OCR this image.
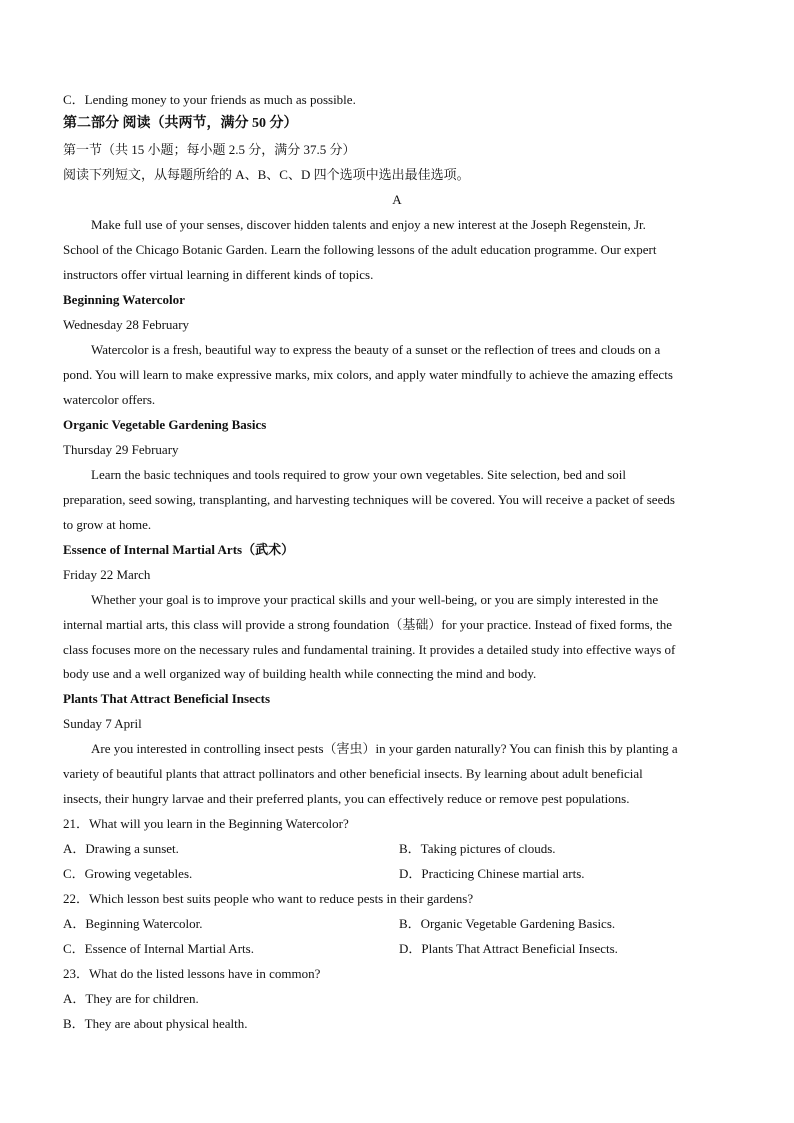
C．Lending money to your friends as much as possible.
第二部分 阅读（共两节，满分 50 分）
第一节（共 15 小题；每小题 2.5 分，满分 37.5 分）
阅读下列短文，从每题所给的 A、B、C、D 四个选项中选出最佳选项。
A
Make full use of your senses, discover hidden talents and enjoy a new interest at the Joseph Regenstein, Jr.
School of the Chicago Botanic Garden. Learn the following lessons of the adult education programme. Our expert
instructors offer virtual learning in different kinds of topics.
Beginning Watercolor
Wednesday 28 February
Watercolor is a fresh, beautiful way to express the beauty of a sunset or the reflection of trees and clouds on a
pond. You will learn to make expressive marks, mix colors, and apply water mindfully to achieve the amazing effects
watercolor offers.
Organic Vegetable Gardening Basics
Thursday 29 February
Learn the basic techniques and tools required to grow your own vegetables. Site selection, bed and soil
preparation, seed sowing, transplanting, and harvesting techniques will be covered. You will receive a packet of seeds
to grow at home.
Essence of Internal Martial Arts（武术）
Friday 22 March
Whether your goal is to improve your practical skills and your well-being, or you are simply interested in the
internal martial arts, this class will provide a strong foundation（基础）for your practice. Instead of fixed forms, the
class focuses more on the necessary rules and fundamental training. It provides a detailed study into effective ways of
body use and a well organized way of building health while connecting the mind and body.
Plants That Attract Beneficial Insects
Sunday 7 April
Are you interested in controlling insect pests（害虫）in your garden naturally? You can finish this by planting a
variety of beautiful plants that attract pollinators and other beneficial insects. By learning about adult beneficial
insects, their hungry larvae and their preferred plants, you can effectively reduce or remove pest populations.
21．What will you learn in the Beginning Watercolor?
A．Drawing a sunset.	B．Taking pictures of clouds.
C．Growing vegetables.	D．Practicing Chinese martial arts.
22．Which lesson best suits people who want to reduce pests in their gardens?
A．Beginning Watercolor.	B．Organic Vegetable Gardening Basics.
C．Essence of Internal Martial Arts.	D．Plants That Attract Beneficial Insects.
23．What do the listed lessons have in common?
A．They are for children.
B．They are about physical health.
